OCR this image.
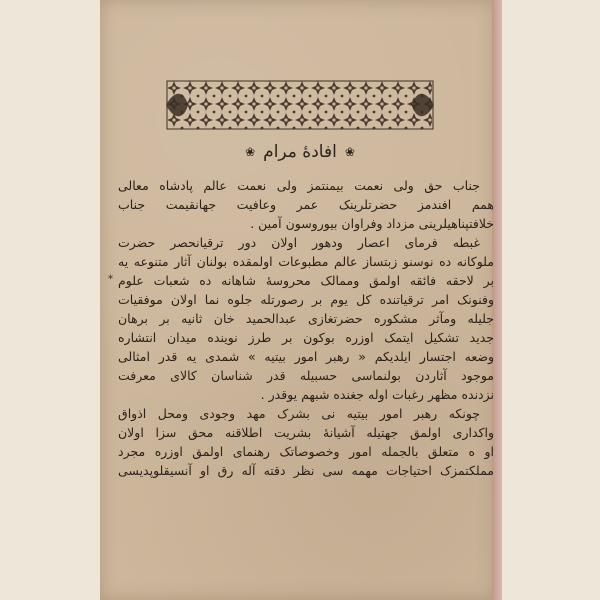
❀ افادۀ مرام ❀
*
جناب حق ولی نعمت بیمنتمز ولی نعمت عالم پادشاه معالی
همم افندمز حضرتلرینک عمر وعافیت جهانقیمت جناب
خلافتپناهیلرینی مزداد وفراوان بیوروسون آمین .
غبطه فرمای اعصار ودهور اولان دور ترقیانحصر حضرت
ملوکانه ده نوسنو زبتساز عالم مطبوعات اولمقده بولنان آثار متنوعه یه
بر لاحقه فائقه اولمق وممالک محروسۀ شاهانه ده شعبات علوم
وفنونک امر ترقیاتنده کل یوم بر رصورتله جلوه نما اولان موفقیات
جلیله ومآثر مشکوره حضرتغازی عبدالحمید خان ثانیه بر برهان
جدید تشکیل ایتمک اوزره بوکون بر طرز نوینده میدان انتشاره
وضعه اجتسار ایلدیکم « رهبر امور بیتیه » شمدی یه قدر امثالی
موجود آثاردن بولنماسی حسبیله قدر شناسان کالای معرفت
نزدنده مظهر رغبات اوله جغنده شبهم یوقدر .
چونکه رهبر امور بیتیه نی بشرک مهد وجودی ومحل اذواق
واکداری اولمق جهتیله آشیانۀ بشریت اطلاقنه محق سزا اولان
او ه متعلق بالجمله امور وخصوصاتک رهنمای اولمق اوزره مجرد
مملکتمزک احتیاجات مهمه سی نظر دقته آله رق او آنسیقلوپدیسی
